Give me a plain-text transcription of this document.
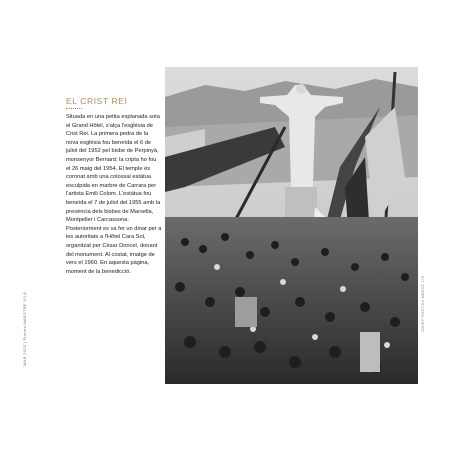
MAR 2025 | Pirinea MAESTRÉ VILÀ
EL CRIST REI

Situada en una petita esplanada sota el Grand Hôtel, s'alça l'església de Crist Rei. La primera pedra de la nova església fou beneïda el 6 de juliol del 1952 pel bisbe de Perpinyà, monsenyor Bernard; la cripta ho fou el 26 maig del 1954. El temple és coronat amb una colossal estàtua esculpida en marbre de Carrara per l'artista Emili Colom. L'estàtua fou beneïda el 7 de juliol del 1955 amb la presència dels bisbes de Marsella, Montpeller i Carcassona. Posteriorment es va fer un dinar per a les autoritats a l'Hôtel Cara Sol, organitzat per César Doncel, donant del monument. Al costat, imatge de vers el 1960. En aquesta pàgina, moment de la benedicció.

JOSEP POSTIUS MARCÉ 470
